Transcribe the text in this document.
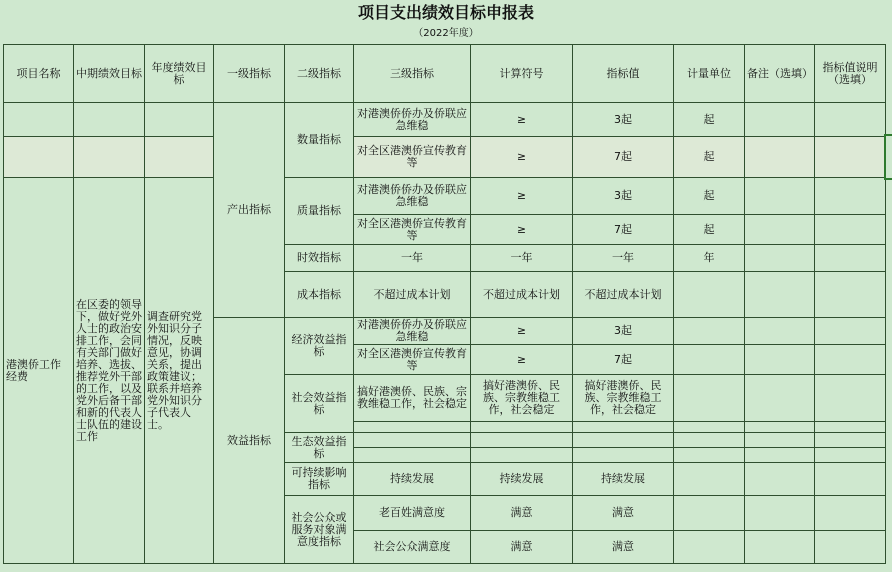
项目支出绩效目标申报表
（2022年度）
项目名称	中期绩效目标	年度绩效目标	一级指标	二级指标	三级指标	计算符号	指标值	计量单位	备注（选填）	指标值说明（选填）
			产出指标	数量指标	对港澳侨侨办及侨联应急维稳	≥	3起	起		
					对全区港澳侨宣传教育等	≥	7起	起		
港澳侨工作经费	在区委的领导下，做好党外人士的政治安排工作，会同有关部门做好培养、选拔、推荐党外干部的工作，以及党外后备干部和新的代表人士队伍的建设工作	调查研究党外知识分子情况，反映意见，协调关系，提出政策建议；联系并培养党外知识分子代表人士。		质量指标	对港澳侨侨办及侨联应急维稳	≥	3起	起		
					对全区港澳侨宣传教育等	≥	7起	起		
				时效指标	一年	一年	一年	年		
				成本指标	不超过成本计划	不超过成本计划	不超过成本计划			
			效益指标	经济效益指标	对港澳侨侨办及侨联应急维稳	≥	3起			
					对全区港澳侨宣传教育等	≥	7起			
				社会效益指标	搞好港澳侨、民族、宗教维稳工作，社会稳定	搞好港澳侨、民族、宗教维稳工作，社会稳定	搞好港澳侨、民族、宗教维稳工作，社会稳定			

				生态效益指标						

				可持续影响指标	持续发展	持续发展	持续发展			
				社会公众或服务对象满意度指标	老百姓满意度	满意	满意			
					社会公众满意度	满意	满意			
